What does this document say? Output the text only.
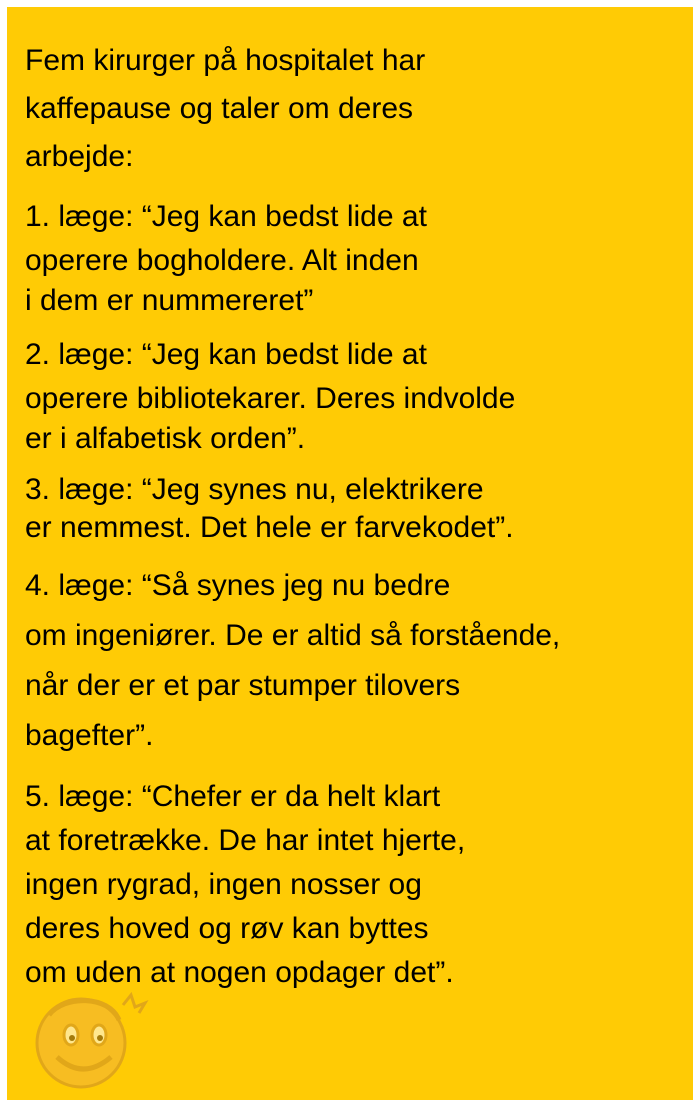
Fem kirurger på hospitalet har
kaffepause og taler om deres
arbejde:
1. læge: “Jeg kan bedst lide at
operere bogholdere. Alt inden
i dem er nummereret”
2. læge: “Jeg kan bedst lide at
operere bibliotekarer. Deres indvolde
er i alfabetisk orden”.
3. læge: “Jeg synes nu, elektrikere
er nemmest. Det hele er farvekodet”.
4. læge: “Så synes jeg nu bedre
om ingeniører. De er altid så forstående,
når der er et par stumper tilovers
bagefter”.
5. læge: “Chefer er da helt klart
at foretrække. De har intet hjerte,
ingen rygrad, ingen nosser og
deres hoved og røv kan byttes
om uden at nogen opdager det”.
